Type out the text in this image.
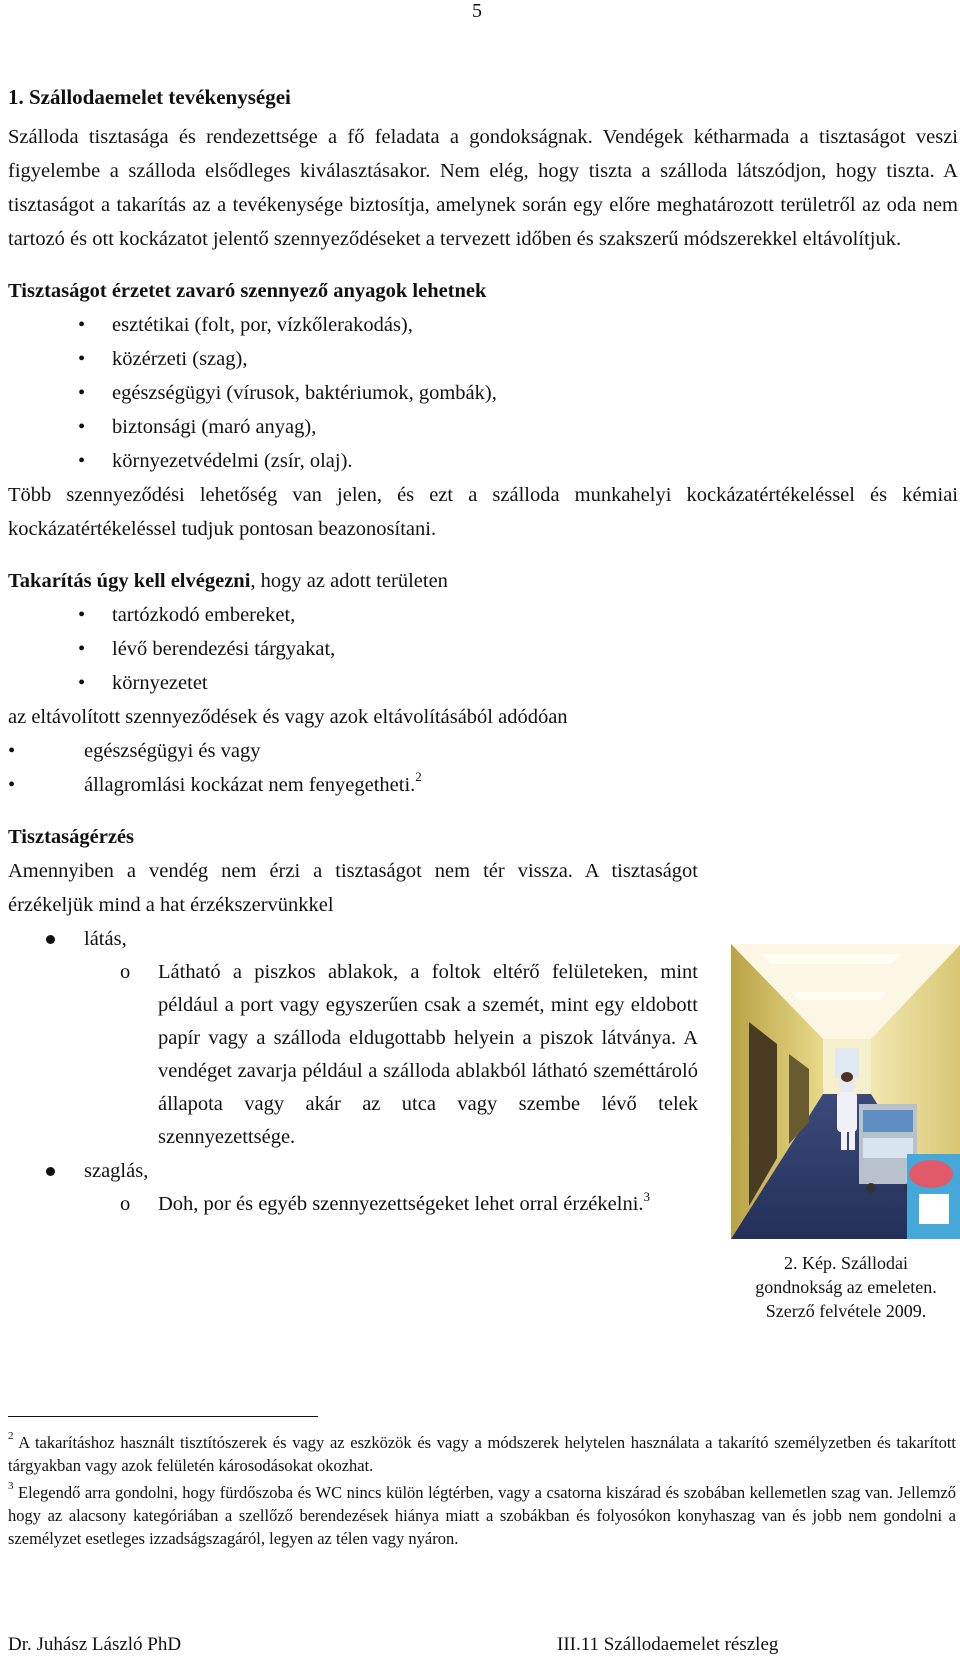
5
1. Szállodaemelet tevékenységei

Szálloda tisztasága és rendezettsége a fő feladata a gondokságnak. Vendégek kétharmada a tisztaságot veszi figyelembe a szálloda elsődleges kiválasztásakor. Nem elég, hogy tiszta a szálloda látszódjon, hogy tiszta. A tisztaságot a takarítás az a tevékenysége biztosítja, amelynek során egy előre meghatározott területről az oda nem tartozó és ott kockázatot jelentő szennyeződéseket a tervezett időben és szakszerű módszerekkel eltávolítjuk.

Tisztaságot érzetet zavaró szennyező anyagok lehetnek

• esztétikai (folt, por, vízkőlerakodás),
• közérzeti (szag),
• egészségügyi (vírusok, baktériumok, gombák),
• biztonsági (maró anyag),
• környezetvédelmi (zsír, olaj).

Több szennyeződési lehetőség van jelen, és ezt a szálloda munkahelyi kockázatértékeléssel és kémiai kockázatértékeléssel tudjuk pontosan beazonosítani.

Takarítás úgy kell elvégezni, hogy az adott területen

• tartózkodó embereket,
• lévő berendezési tárgyakat,
• környezetet

az eltávolított szennyeződések és vagy azok eltávolításából adódóan

• egészségügyi és vagy
• állagromlási kockázat nem fenyegetheti.$^2$

Tisztaságérzés

Amennyiben a vendég nem érzi a tisztaságot nem tér vissza. A tisztaságot érzékeljük mind a hat érzékszervünkkel

látás,
o Látható a piszkos ablakok, a foltok eltérő felületeken, mint például a port vagy egyszerűen csak a szemét, mint egy eldobott papír vagy a szálloda eldugottabb helyein a piszok látványa. A vendéget zavarja például a szálloda ablakból látható szeméttároló állapota vagy akár az utca vagy szembe lévő telek szennyezettsége.
szaglás,
o Doh, por és egyéb szennyezettségeket lehet orral érzékelni.$^3$
2. Kép. Szállodai
gondnokság az emeleten.
Szerző felvétele 2009.

$^2$ A takarításhoz használt tisztítószerek és vagy az eszközök és vagy a módszerek helytelen használata a takarító személyzetben és takarított tárgyakban vagy azok felületén károsodásokat okozhat.

$^3$ Elegendő arra gondolni, hogy fürdőszoba és WC nincs külön légtérben, vagy a csatorna kiszárad és szobában kellemetlen szag van. Jellemző hogy az alacsony kategóriában a szellőző berendezések hiánya miatt a szobákban és folyosókon konyhaszag van és jobb nem gondolni a személyzet esetleges izzadságszagáról, legyen az télen vagy nyáron.

Dr. Juhász László PhD	III.11 Szállodaemelet részleg
